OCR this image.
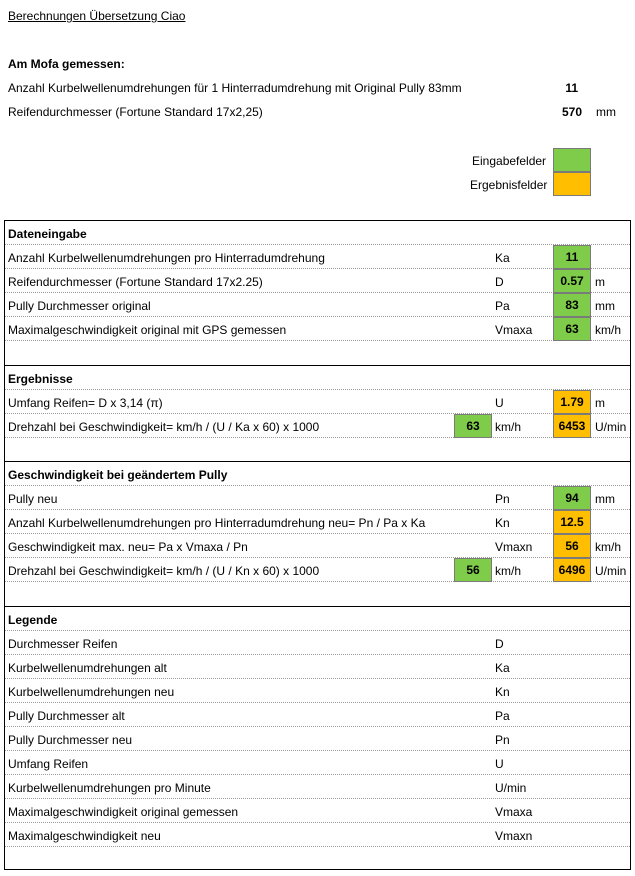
Berechnungen Übersetzung Ciao
Am Mofa gemessen:
Anzahl Kurbelwellenumdrehungen für 1 Hinterradumdrehung mit Original Pully 83mm	11
Reifendurchmesser (Fortune Standard 17x2,25)	570 mm
Eingabefelder
Ergebnisfelder
Dateneingabe
Anzahl Kurbelwellenumdrehungen pro Hinterradumdrehung	Ka	11
Reifendurchmesser (Fortune Standard 17x2.25)	D	0.57 m
Pully Durchmesser original	Pa	83	mm
Maximalgeschwindigkeit original mit GPS gemessen	Vmaxa	63	km/h
Ergebnisse
Umfang Reifen= D x 3,14 (π)	U	1.79 m
Drehzahl bei Geschwindigkeit= km/h / (U / Ka x 60) x 1000	63	km/h	6453 U/min
Geschwindigkeit bei geändertem Pully
Pully neu	Pn	94	mm
Anzahl Kurbelwellenumdrehungen pro Hinterradumdrehung neu= Pn / Pa x Ka	Kn	12.5
Geschwindigkeit max. neu= Pa x Vmaxa / Pn	Vmaxn	56	km/h
Drehzahl bei Geschwindigkeit= km/h / (U / Kn x 60) x 1000	56	km/h	6496 U/min
Legende
Durchmesser Reifen	D
Kurbelwellenumdrehungen alt	Ka
Kurbelwellenumdrehungen neu	Kn
Pully Durchmesser alt	Pa
Pully Durchmesser neu	Pn
Umfang Reifen	U
Kurbelwellenumdrehungen pro Minute	U/min
Maximalgeschwindigkeit original gemessen	Vmaxa
Maximalgeschwindigkeit neu	Vmaxn
